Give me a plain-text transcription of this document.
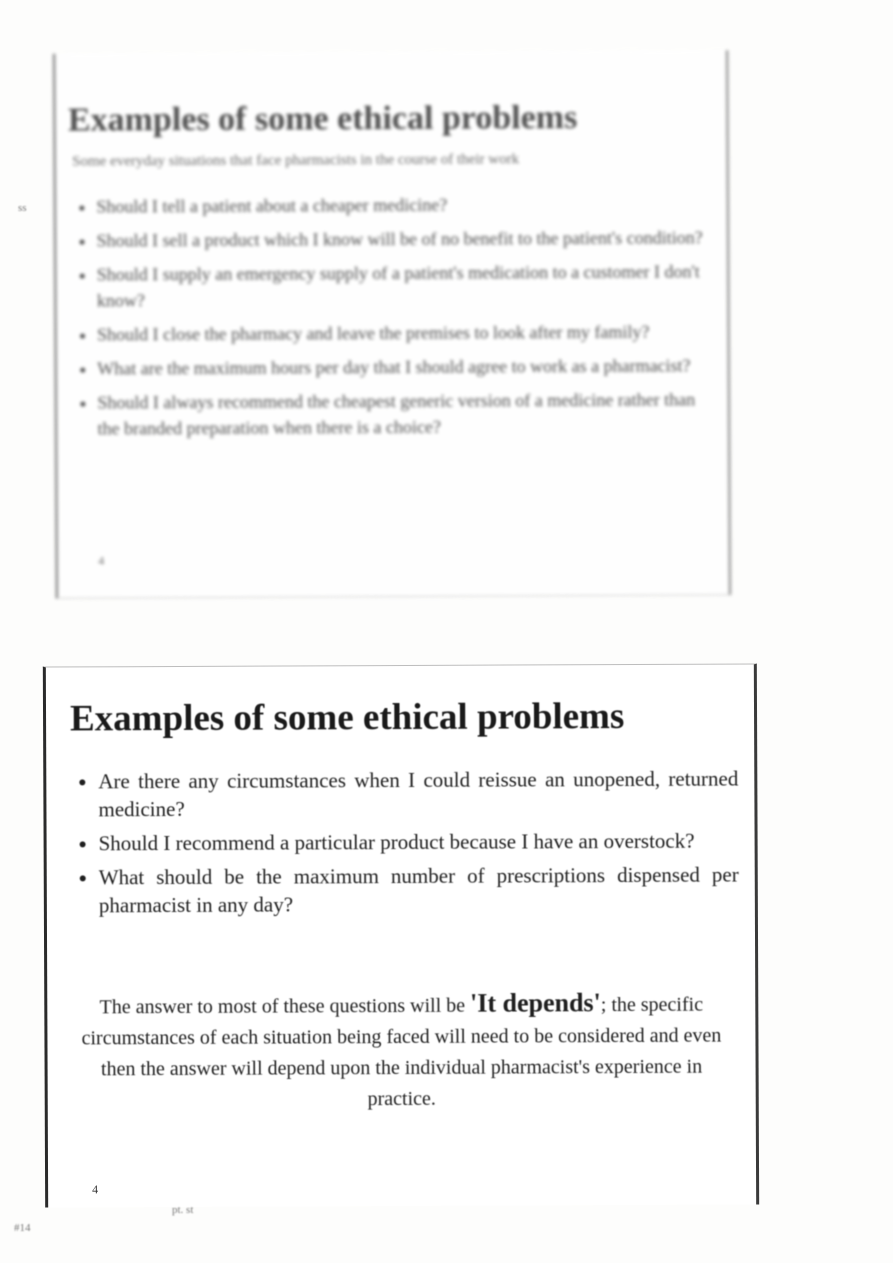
ss
Examples of some ethical problems
Some everyday situations that face pharmacists in the course of their work
• Should I tell a patient about a cheaper medicine?
• Should I sell a product which I know will be of no benefit to the patient's condition?
• Should I supply an emergency supply of a patient's medication to a customer I don't know?
• Should I close the pharmacy and leave the premises to look after my family?
• What are the maximum hours per day that I should agree to work as a pharmacist?
• Should I always recommend the cheapest generic version of a medicine rather than the branded preparation when there is a choice?
4
Examples of some ethical problems
• Are there any circumstances when I could reissue an unopened, returned medicine?
• Should I recommend a particular product because I have an overstock?
• What should be the maximum number of prescriptions dispensed per pharmacist in any day?
The answer to most of these questions will be 'It depends'; the specific circumstances of each situation being faced will need to be considered and even then the answer will depend upon the individual pharmacist's experience in practice.
4
pt. st
#14
